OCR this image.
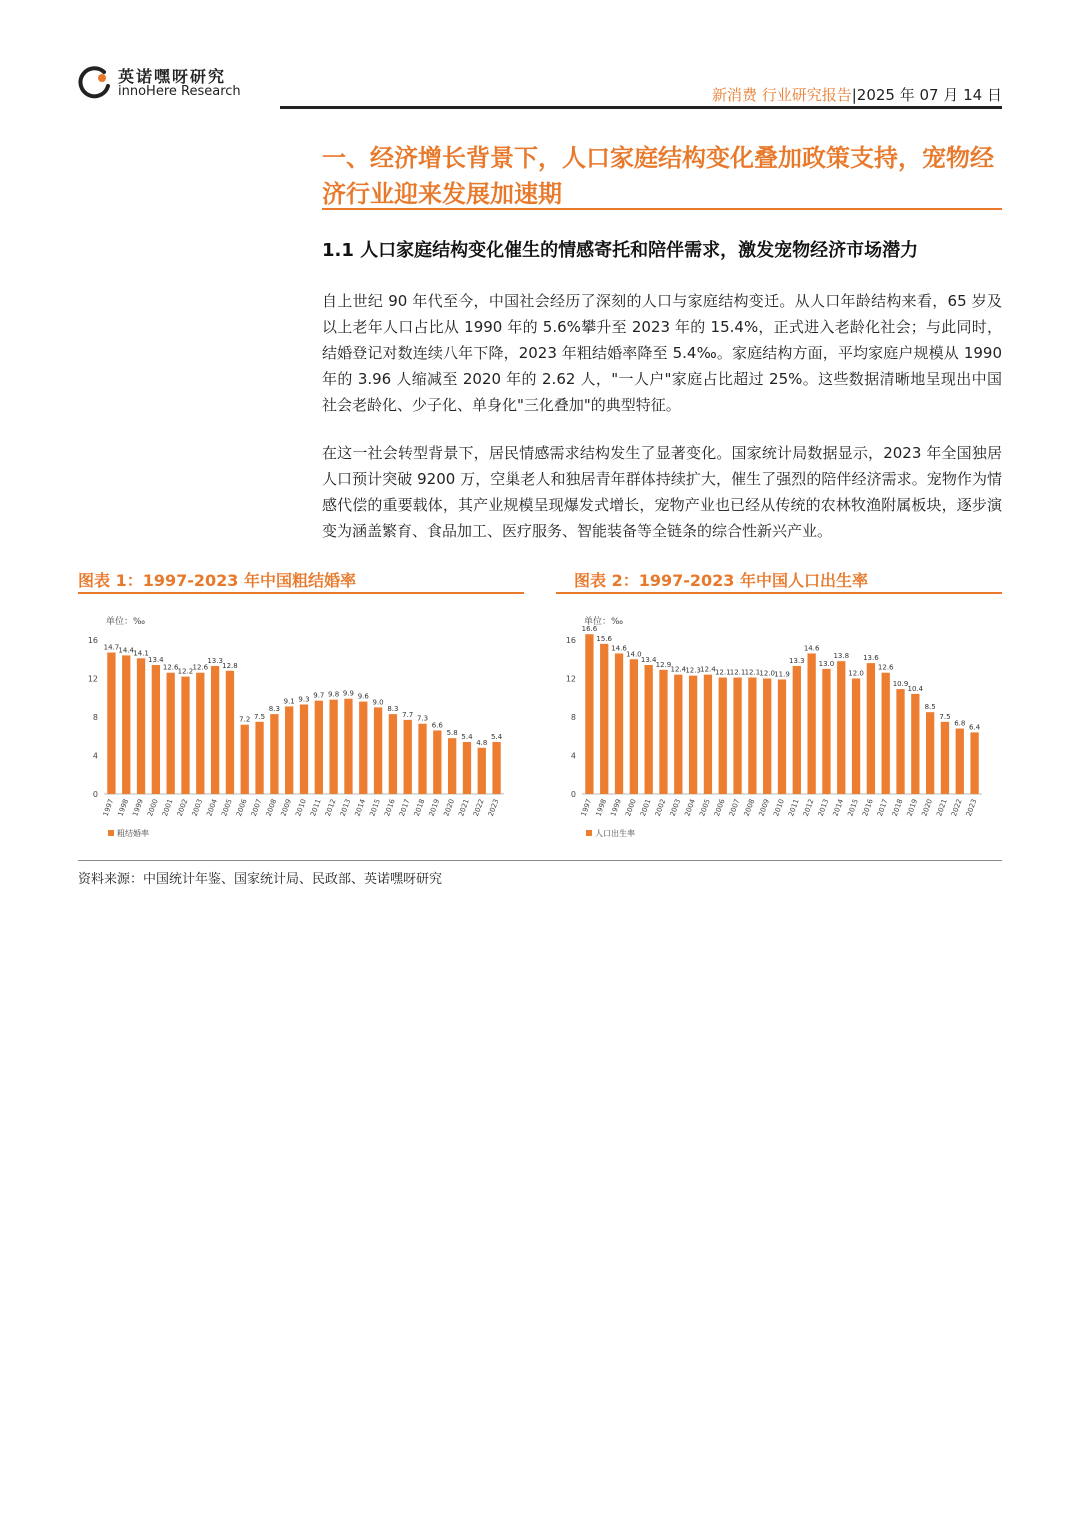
英诺嘿呀研究
innoHere Research	新消费 行业研究报告|2025 年 07 月 14 日
一、经济增长背景下，人口家庭结构变化叠加政策支持，宠物经济行业迎来发展加速期
1.1 人口家庭结构变化催生的情感寄托和陪伴需求，激发宠物经济市场潜力
自上世纪 90 年代至今，中国社会经历了深刻的人口与家庭结构变迁。从人口年龄结构来看，65 岁及以上老年人口占比从 1990 年的 5.6%攀升至 2023 年的 15.4%，正式进入老龄化社会；与此同时，结婚登记对数连续八年下降，2023 年粗结婚率降至 5.4‰。家庭结构方面，平均家庭户规模从 1990 年的 3.96 人缩减至 2020 年的 2.62 人，"一人户"家庭占比超过 25%。这些数据清晰地呈现出中国社会老龄化、少子化、单身化"三化叠加"的典型特征。
在这一社会转型背景下，居民情感需求结构发生了显著变化。国家统计局数据显示，2023 年全国独居人口预计突破 9200 万，空巢老人和独居青年群体持续扩大，催生了强烈的陪伴经济需求。宠物作为情感代偿的重要载体，其产业规模呈现爆发式增长，宠物产业也已经从传统的农林牧渔附属板块，逐步演变为涵盖繁育、食品加工、医疗服务、智能装备等全链条的综合性新兴产业。
图表 1：1997-2023 年中国粗结婚率	图表 2：1997-2023 年中国人口出生率
单位：‰
0
4
8
12
16
14.7
1997
14.4
1998
14.1
1999
13.4
2000
12.6
2001
12.2
2002
12.6
2003
13.3
2004
12.8
2005
7.2
2006
7.5
2007
8.3
2008
9.1
2009
9.3
2010
9.7
2011
9.8
2012
9.9
2013
9.6
2014
9.0
2015
8.3
2016
7.7
2017
7.3
2018
6.6
2019
5.8
2020
5.4
2021
4.8
2022
5.4
2023
粗结婚率
单位：‰
0
4
8
12
16
16.6
1997
15.6
1998
14.6
1999
14.0
2000
13.4
2001
12.9
2002
12.4
2003
12.3
2004
12.4
2005
12.1
2006
12.1
2007
12.1
2008
12.0
2009
11.9
2010
13.3
2011
14.6
2012
13.0
2013
13.8
2014
12.0
2015
13.6
2016
12.6
2017
10.9
2018
10.4
2019
8.5
2020
7.5
2021
6.8
2022
6.4
2023
人口出生率
资料来源：中国统计年鉴、国家统计局、民政部、英诺嘿呀研究
